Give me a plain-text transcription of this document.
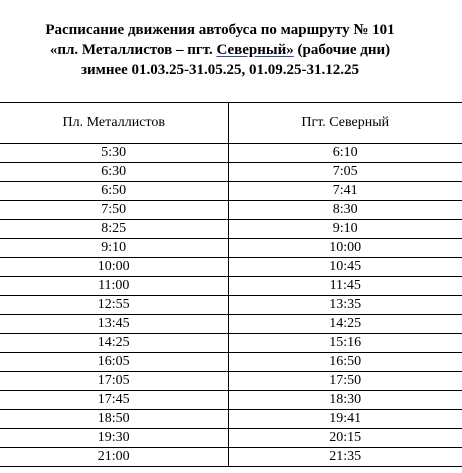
Расписание движения автобуса по маршруту № 101
«пл. Металлистов – пгт. Северный» (рабочие дни)
зимнее 01.03.25-31.05.25, 01.09.25-31.12.25
Пл. Металлистов	Пгт. Северный
5:30	6:10
6:30	7:05
6:50	7:41
7:50	8:30
8:25	9:10
9:10	10:00
10:00	10:45
11:00	11:45
12:55	13:35
13:45	14:25
14:25	15:16
16:05	16:50
17:05	17:50
17:45	18:30
18:50	19:41
19:30	20:15
21:00	21:35
